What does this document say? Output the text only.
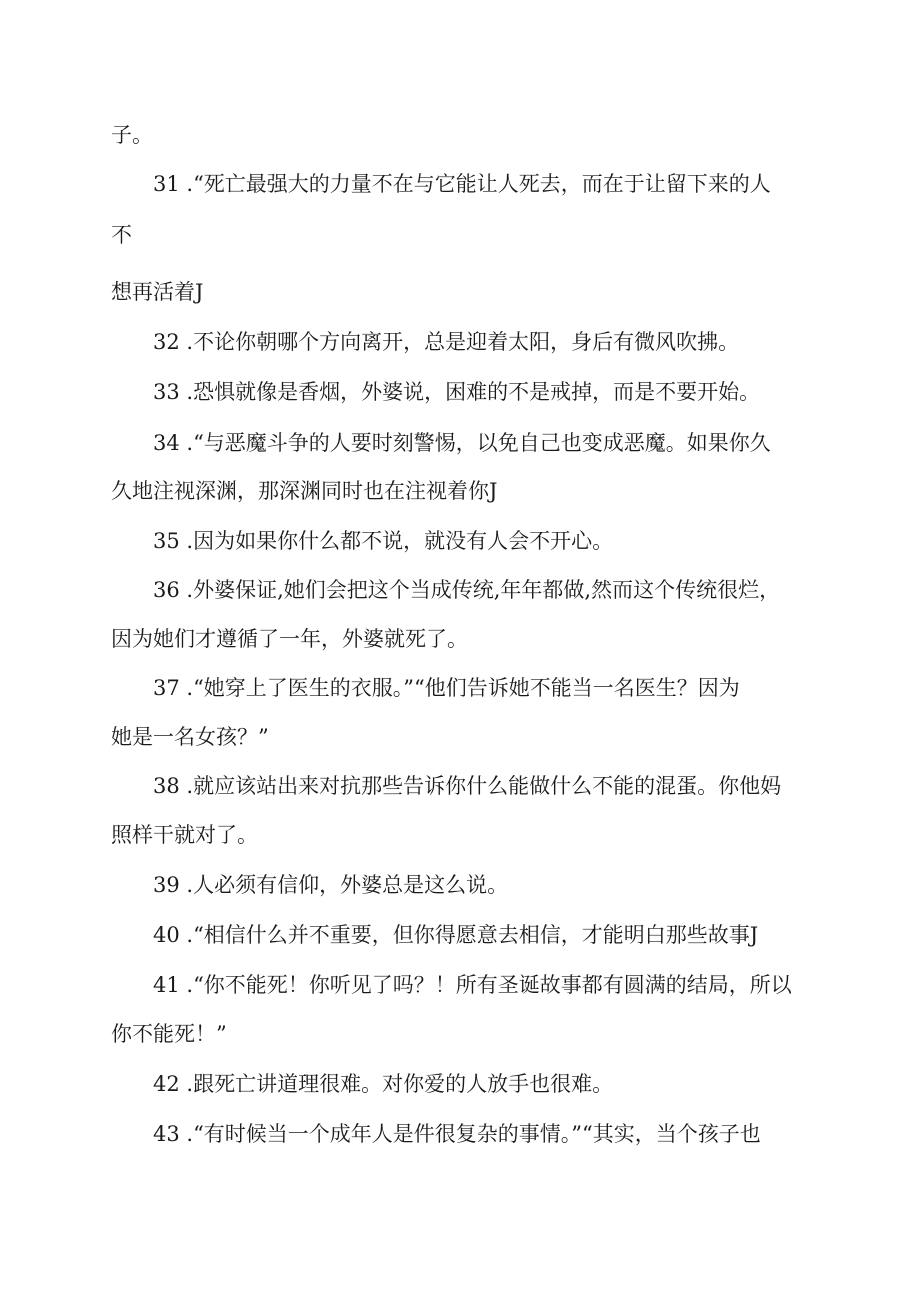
子。
31 .“死亡最强大的力量不在与它能让人死去，而在于让留下来的人
不
想再活着J
32 .不论你朝哪个方向离开，总是迎着太阳，身后有微风吹拂。
33 .恐惧就像是香烟，外婆说，困难的不是戒掉，而是不要开始。
34 .“与恶魔斗争的人要时刻警惕，以免自己也变成恶魔。如果你久
久地注视深渊，那深渊同时也在注视着你J
35 .因为如果你什么都不说，就没有人会不开心。
36 .外婆保证,她们会把这个当成传统,年年都做,然而这个传统很烂，
因为她们才遵循了一年，外婆就死了。
37 .“她穿上了医生的衣服。”“他们告诉她不能当一名医生？因为
她是一名女孩？”
38 .就应该站出来对抗那些告诉你什么能做什么不能的混蛋。你他妈
照样干就对了。
39 .人必须有信仰，外婆总是这么说。
40 .“相信什么并不重要，但你得愿意去相信，才能明白那些故事J
41 .“你不能死！你听见了吗？！所有圣诞故事都有圆满的结局，所以
你不能死！”
42 .跟死亡讲道理很难。对你爱的人放手也很难。
43 .“有时候当一个成年人是件很复杂的事情。”“其实，当个孩子也
